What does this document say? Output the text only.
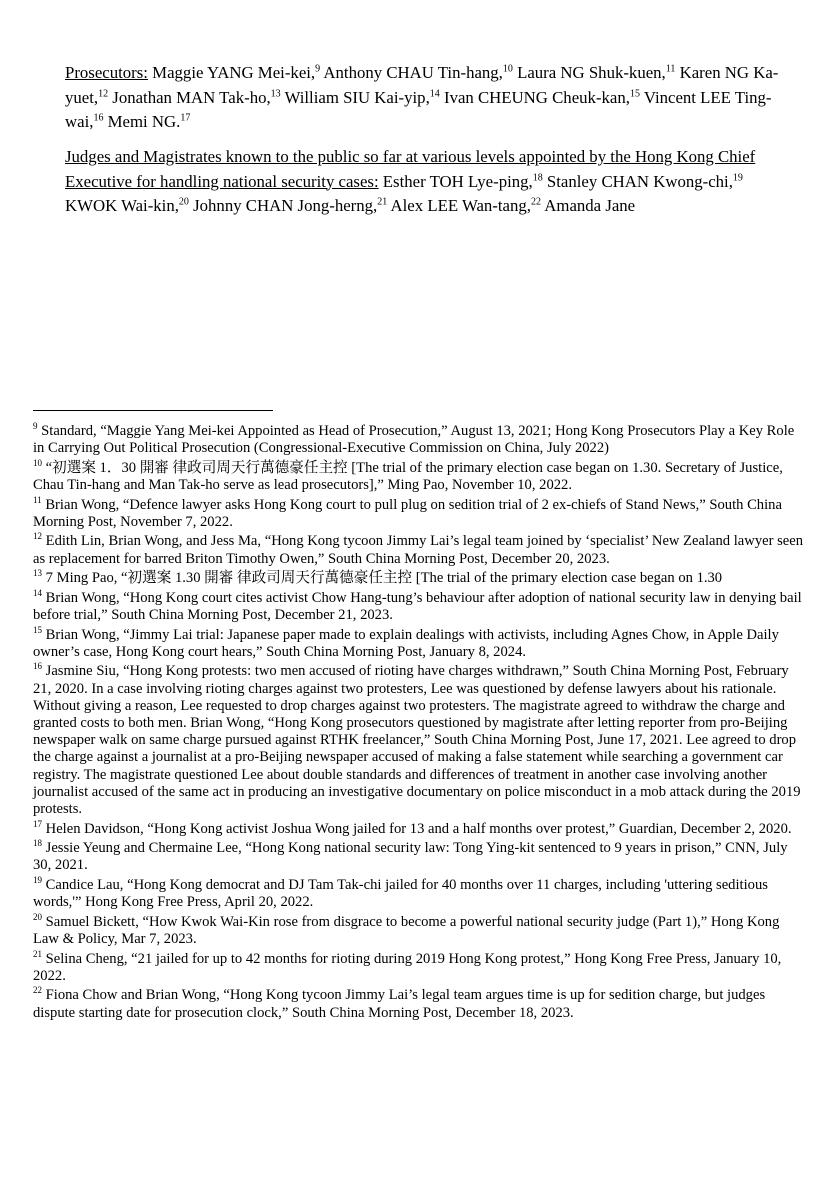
Prosecutors: Maggie YANG Mei-kei,$^9$ Anthony CHAU Tin-hang,$^{10}$ Laura NG Shuk-kuen,$^{11}$ Karen NG Ka-yuet,$^{12}$ Jonathan MAN Tak-ho,$^{13}$ William SIU Kai-yip,$^{14}$ Ivan CHEUNG Cheuk-kan,$^{15}$ Vincent LEE Ting-wai,$^{16}$ Memi NG.$^{17}$

Judges and Magistrates known to the public so far at various levels appointed by the Hong Kong Chief Executive for handling national security cases: Esther TOH Lye-ping,$^{18}$ Stanley CHAN Kwong-chi,$^{19}$ KWOK Wai-kin,$^{20}$ Johnny CHAN Jong-herng,$^{21}$ Alex LEE Wan-tang,$^{22}$ Amanda Jane

$^9$ Standard, “Maggie Yang Mei-kei Appointed as Head of Prosecution,” August 13, 2021; Hong Kong Prosecutors Play a Key Role in Carrying Out Political Prosecution (Congressional-Executive Commission on China, July 2022)

$^{10}$ “初選案 1．30 開審 律政司周天行萬德豪任主控 [The trial of the primary election case began on 1.30. Secretary of Justice, Chau Tin-hang and Man Tak-ho serve as lead prosecutors],” Ming Pao, November 10, 2022.

$^{11}$ Brian Wong, “Defence lawyer asks Hong Kong court to pull plug on sedition trial of 2 ex-chiefs of Stand News,” South China Morning Post, November 7, 2022.

$^{12}$ Edith Lin, Brian Wong, and Jess Ma, “Hong Kong tycoon Jimmy Lai’s legal team joined by ‘specialist’ New Zealand lawyer seen as replacement for barred Briton Timothy Owen,” South China Morning Post, December 20, 2023.

$^{13}$ 7 Ming Pao, “初選案 1.30 開審 律政司周天行萬德豪任主控 [The trial of the primary election case began on 1.30

$^{14}$ Brian Wong, “Hong Kong court cites activist Chow Hang-tung’s behaviour after adoption of national security law in denying bail before trial,” South China Morning Post, December 21, 2023.

$^{15}$ Brian Wong, “Jimmy Lai trial: Japanese paper made to explain dealings with activists, including Agnes Chow, in Apple Daily owner’s case, Hong Kong court hears,” South China Morning Post, January 8, 2024.

$^{16}$ Jasmine Siu, “Hong Kong protests: two men accused of rioting have charges withdrawn,” South China Morning Post, February 21, 2020. In a case involving rioting charges against two protesters, Lee was questioned by defense lawyers about his rationale. Without giving a reason, Lee requested to drop charges against two protesters. The magistrate agreed to withdraw the charge and granted costs to both men. Brian Wong, “Hong Kong prosecutors questioned by magistrate after letting reporter from pro-Beijing newspaper walk on same charge pursued against RTHK freelancer,” South China Morning Post, June 17, 2021. Lee agreed to drop the charge against a journalist at a pro-Beijing newspaper accused of making a false statement while searching a government car registry. The magistrate questioned Lee about double standards and differences of treatment in another case involving another journalist accused of the same act in producing an investigative documentary on police misconduct in a mob attack during the 2019 protests.

$^{17}$ Helen Davidson, “Hong Kong activist Joshua Wong jailed for 13 and a half months over protest,” Guardian, December 2, 2020.

$^{18}$ Jessie Yeung and Chermaine Lee, “Hong Kong national security law: Tong Ying-kit sentenced to 9 years in prison,” CNN, July 30, 2021.

$^{19}$ Candice Lau, “Hong Kong democrat and DJ Tam Tak-chi jailed for 40 months over 11 charges, including 'uttering seditious words,'” Hong Kong Free Press, April 20, 2022.

$^{20}$ Samuel Bickett, “How Kwok Wai-Kin rose from disgrace to become a powerful national security judge (Part 1),” Hong Kong Law & Policy, Mar 7, 2023.

$^{21}$ Selina Cheng, “21 jailed for up to 42 months for rioting during 2019 Hong Kong protest,” Hong Kong Free Press, January 10, 2022.

$^{22}$ Fiona Chow and Brian Wong, “Hong Kong tycoon Jimmy Lai’s legal team argues time is up for sedition charge, but judges dispute starting date for prosecution clock,” South China Morning Post, December 18, 2023.
